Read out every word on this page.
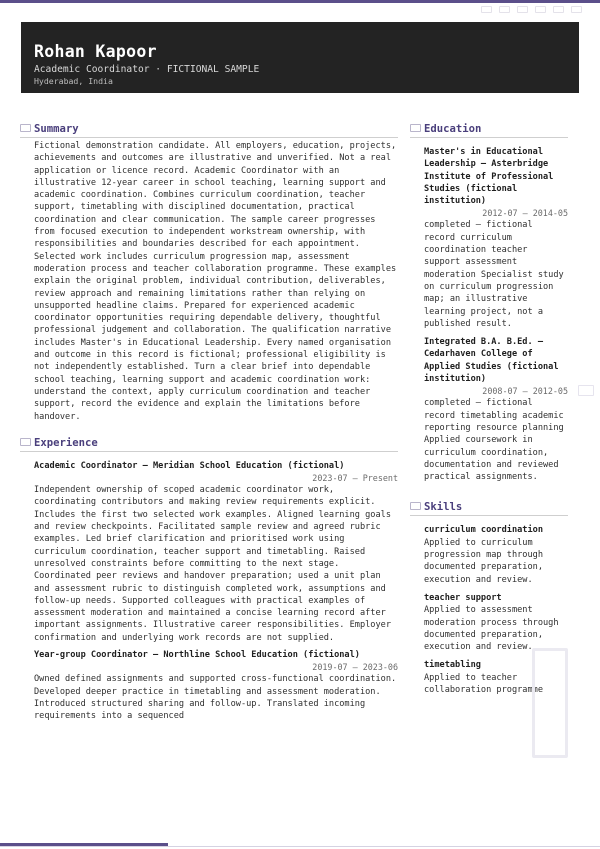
Rohan Kapoor
Academic Coordinator · FICTIONAL SAMPLE
Hyderabad, India
Summary

Fictional demonstration candidate. All employers, education, projects, achievements and outcomes are illustrative and unverified. Not a real application or licence record. Academic Coordinator with an illustrative 12-year career in school teaching, learning support and academic coordination. Combines curriculum coordination, teacher support, timetabling with disciplined documentation, practical coordination and clear communication. The sample career progresses from focused execution to independent workstream ownership, with responsibilities and boundaries described for each appointment. Selected work includes curriculum progression map, assessment moderation process and teacher collaboration programme. These examples explain the original problem, individual contribution, deliverables, review approach and remaining limitations rather than relying on unsupported headline claims. Prepared for experienced academic coordinator opportunities requiring dependable delivery, thoughtful professional judgement and collaboration. The qualification narrative includes Master's in Educational Leadership. Every named organisation and outcome in this record is fictional; professional eligibility is not independently established. Turn a clear brief into dependable school teaching, learning support and academic coordination work: understand the context, apply curriculum coordination and teacher support, record the evidence and explain the limitations before handover.

Experience
Academic Coordinator — Meridian School Education (fictional)
2023-07 – Present

Independent ownership of scoped academic coordinator work, coordinating contributors and making review requirements explicit. Includes the first two selected work examples. Aligned learning goals and review checkpoints. Facilitated sample review and agreed rubric examples. Led brief clarification and prioritised work using curriculum coordination, teacher support and timetabling. Raised unresolved constraints before committing to the next stage. Coordinated peer reviews and handover preparation; used a unit plan and assessment rubric to distinguish completed work, assumptions and follow-up needs. Supported colleagues with practical examples of assessment moderation and maintained a concise learning record after important assignments. Illustrative career responsibilities. Employer confirmation and underlying work records are not supplied.

Year-group Coordinator — Northline School Education (fictional)
2019-07 – 2023-06

Owned defined assignments and supported cross-functional coordination. Developed deeper practice in timetabling and assessment moderation. Introduced structured sharing and follow-up. Translated incoming requirements into a sequenced

Education
Master's in Educational Leadership — Asterbridge Institute of Professional Studies (fictional institution)
2012-07 – 2014-05

completed — fictional record curriculum coordination teacher support assessment moderation Specialist study on curriculum progression map; an illustrative learning project, not a published result.

Integrated B.A. B.Ed. — Cedarhaven College of Applied Studies (fictional institution)
2008-07 – 2012-05

completed — fictional record timetabling academic reporting resource planning Applied coursework in curriculum coordination, documentation and reviewed practical assignments.

Skills
curriculum coordination

Applied to curriculum progression map through documented preparation, execution and review.

teacher support

Applied to assessment moderation process through documented preparation, execution and review.

timetabling

Applied to teacher collaboration programme
